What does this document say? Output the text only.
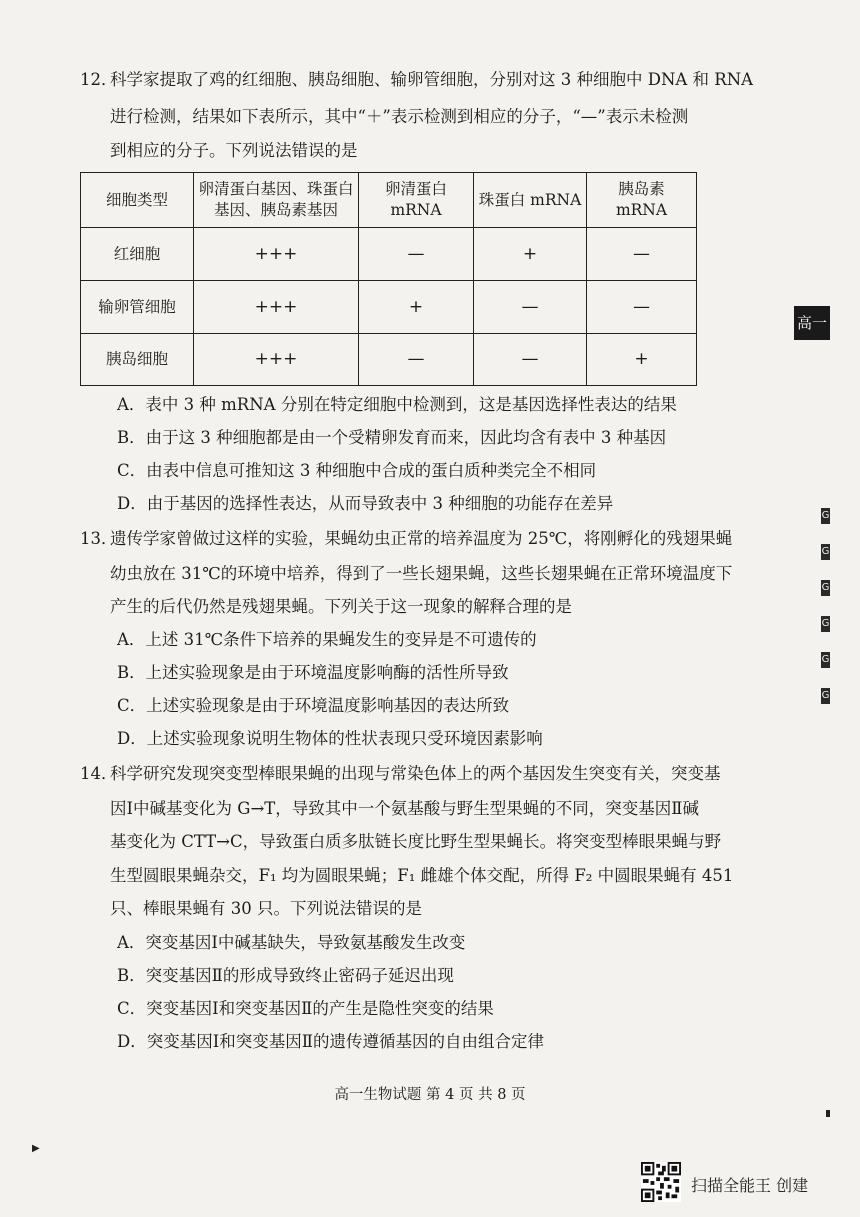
12．
科学家提取了鸡的红细胞、胰岛细胞、输卵管细胞，分别对这 3 种细胞中 DNA 和 RNA
进行检测，结果如下表所示，其中“＋”表示检测到相应的分子，“—”表示未检测
到相应的分子。下列说法错误的是
细胞类型	卵清蛋白基因、珠蛋白基因、胰岛素基因	卵清蛋白 mRNA	珠蛋白 mRNA	胰岛素 mRNA
红细胞	+++	—	+	—
输卵管细胞	+++	+	—	—
胰岛细胞	+++	—	—	+
A．表中 3 种 mRNA 分别在特定细胞中检测到，这是基因选择性表达的结果
B．由于这 3 种细胞都是由一个受精卵发育而来，因此均含有表中 3 种基因
C．由表中信息可推知这 3 种细胞中合成的蛋白质种类完全不相同
D．由于基因的选择性表达，从而导致表中 3 种细胞的功能存在差异
13．
遗传学家曾做过这样的实验，果蝇幼虫正常的培养温度为 25℃，将刚孵化的残翅果蝇
幼虫放在 31℃的环境中培养，得到了一些长翅果蝇，这些长翅果蝇在正常环境温度下
产生的后代仍然是残翅果蝇。下列关于这一现象的解释合理的是
A．上述 31℃条件下培养的果蝇发生的变异是不可遗传的
B．上述实验现象是由于环境温度影响酶的活性所导致
C．上述实验现象是由于环境温度影响基因的表达所致
D．上述实验现象说明生物体的性状表现只受环境因素影响
14．
科学研究发现突变型棒眼果蝇的出现与常染色体上的两个基因发生突变有关，突变基
因Ⅰ中碱基变化为 G→T，导致其中一个氨基酸与野生型果蝇的不同，突变基因Ⅱ碱
基变化为 CTT→C，导致蛋白质多肽链长度比野生型果蝇长。将突变型棒眼果蝇与野
生型圆眼果蝇杂交，F₁ 均为圆眼果蝇；F₁ 雌雄个体交配，所得 F₂ 中圆眼果蝇有 451
只、棒眼果蝇有 30 只。下列说法错误的是
A．突变基因Ⅰ中碱基缺失，导致氨基酸发生改变
B．突变基因Ⅱ的形成导致终止密码子延迟出现
C．突变基因Ⅰ和突变基因Ⅱ的产生是隐性突变的结果
D．突变基因Ⅰ和突变基因Ⅱ的遗传遵循基因的自由组合定律
高一生物试题 第 4 页 共 8 页
高一
G
G
G
G
G
G
▶
扫描全能王 创建
